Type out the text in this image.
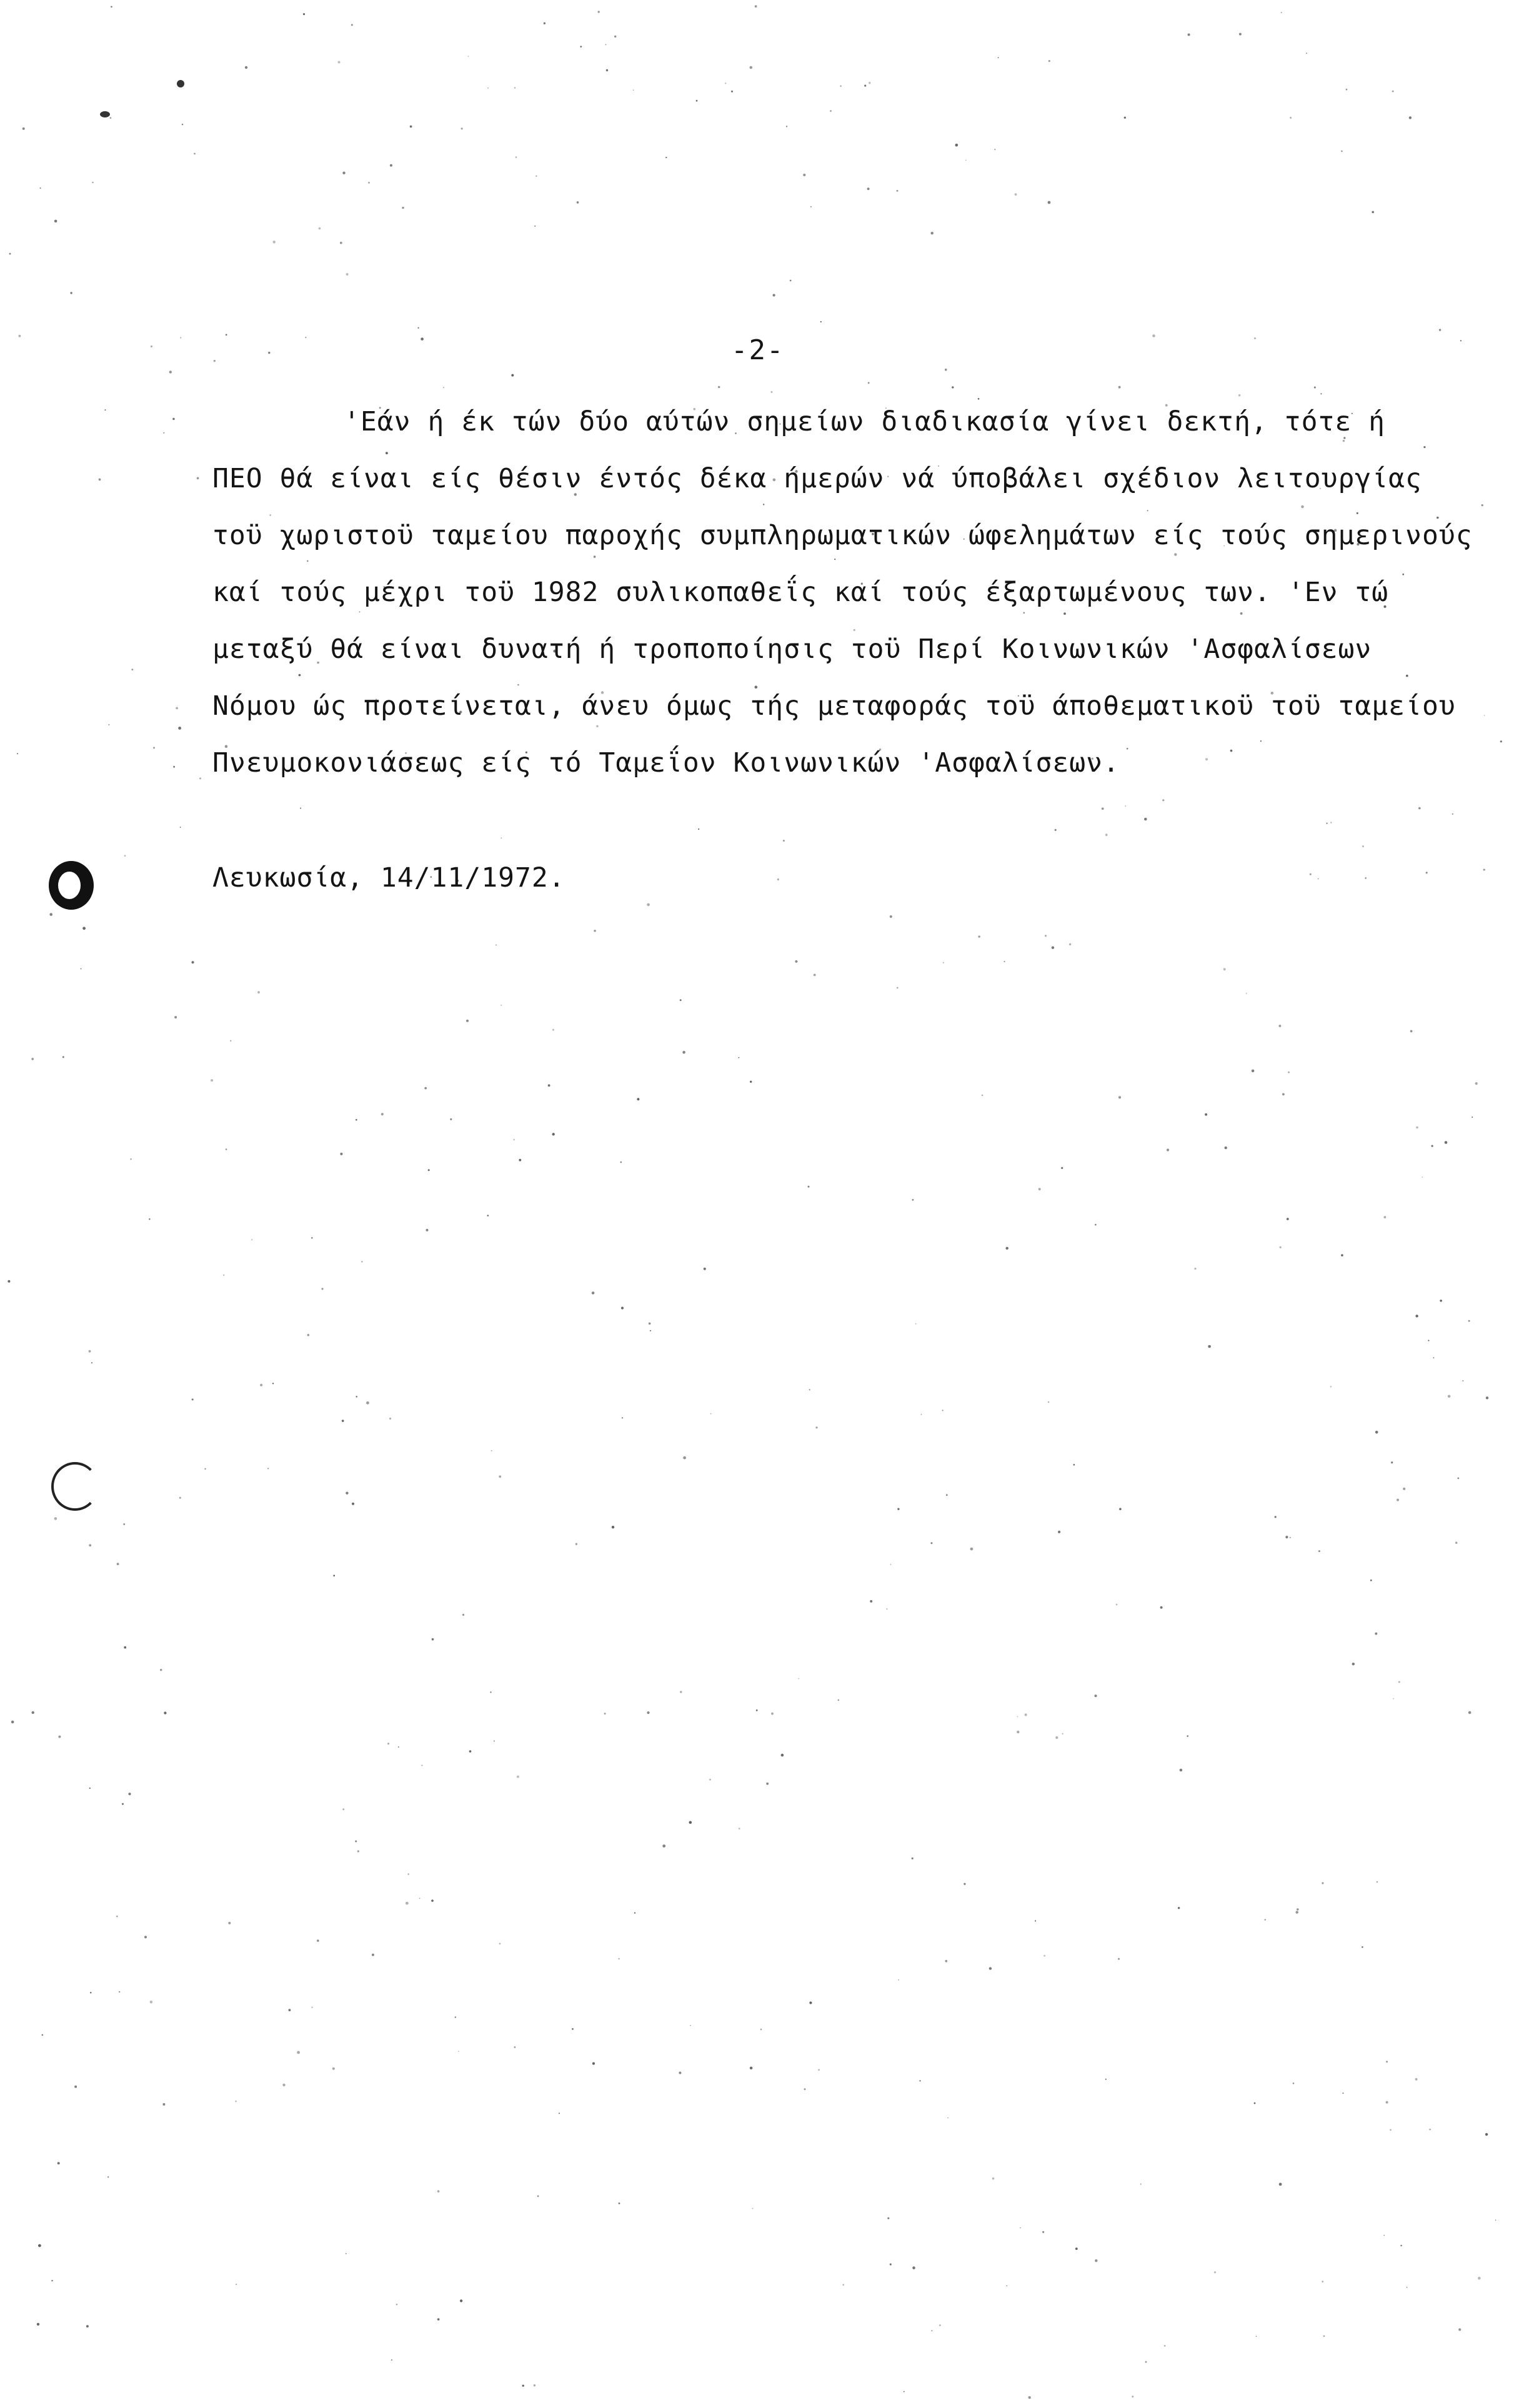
-2-
'Εάν ή έκ τών δύο αύτών σημείων διαδικασία γίνει δεκτή, τότε ή
ΠΕΟ θά είναι είς θέσιν έντός δέκα ήμερών νά ύποβάλει σχέδιον λειτουργίας
τοϋ χωριστοϋ ταμείου παροχής συμπληρωματικών ώφελημάτων είς τούς σημερινούς
καί τούς μέχρι τοϋ 1982 συλικοπαθεΐς καί τούς έξαρτωμένους των. 'Εν τώ
μεταξύ θά είναι δυνατή ή τροποποίησις τοϋ Περί Κοινωνικών 'Ασφαλίσεων
Νόμου ώς προτείνεται, άνευ όμως τής μεταφοράς τοϋ άποθεματικοϋ τοϋ ταμείου
Πνευμοκονιάσεως είς τό Ταμεΐον Κοινωνικών 'Ασφαλίσεων.
Λευκωσία, 14/11/1972.
